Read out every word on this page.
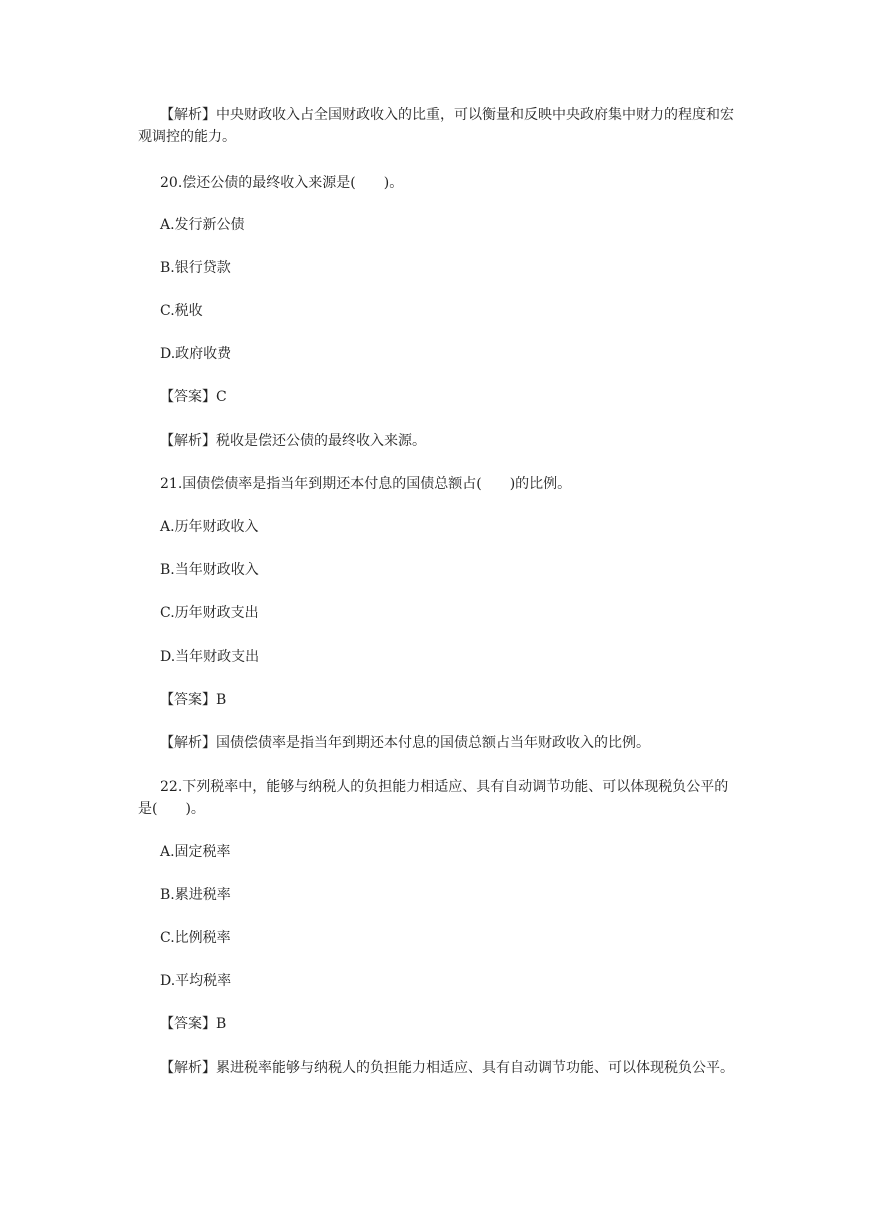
【解析】中央财政收入占全国财政收入的比重，可以衡量和反映中央政府集中财力的程度和宏观调控的能力。

20.偿还公债的最终收入来源是(　　)。

A.发行新公债

B.银行贷款

C.税收

D.政府收费

【答案】C

【解析】税收是偿还公债的最终收入来源。

21.国债偿债率是指当年到期还本付息的国债总额占(　　)的比例。

A.历年财政收入

B.当年财政收入

C.历年财政支出

D.当年财政支出

【答案】B

【解析】国债偿债率是指当年到期还本付息的国债总额占当年财政收入的比例。

22.下列税率中，能够与纳税人的负担能力相适应、具有自动调节功能、可以体现税负公平的是(　　)。

A.固定税率

B.累进税率

C.比例税率

D.平均税率

【答案】B

【解析】累进税率能够与纳税人的负担能力相适应、具有自动调节功能、可以体现税负公平。
